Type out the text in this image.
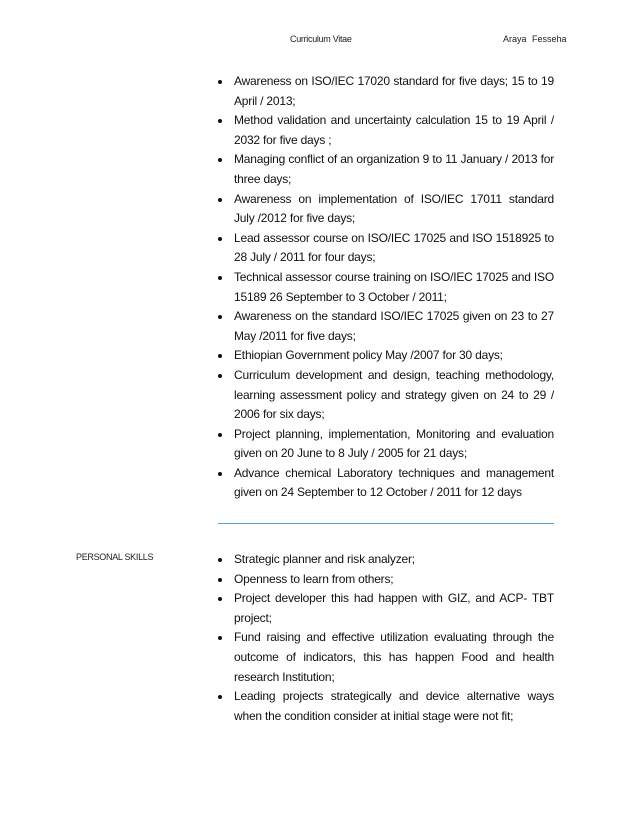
Curriculum Vitae	Araya Fesseha
Awareness on ISO/IEC 17020 standard for five days; 15 to 19 April / 2013;
Method validation and uncertainty calculation 15 to 19 April / 2032 for five days ;
Managing conflict of an organization 9 to 11 January / 2013 for three days;
Awareness on implementation of ISO/IEC 17011 standard July /2012 for five days;
Lead assessor course on ISO/IEC 17025 and ISO 1518925 to 28 July / 2011 for four days;
Technical assessor course training on ISO/IEC 17025 and ISO 15189 26 September to 3 October / 2011;
Awareness on the standard ISO/IEC 17025 given on 23 to 27 May /2011 for five days;
Ethiopian Government policy May /2007 for 30 days;
Curriculum development and design, teaching methodology, learning assessment policy and strategy given on 24 to 29 / 2006 for six days;
Project planning, implementation, Monitoring and evaluation given on 20 June to 8 July / 2005 for 21 days;
Advance chemical Laboratory techniques and management given on 24 September to 12 October / 2011 for 12 days
PERSONAL SKILLS	Strategic planner and risk analyzer;
Openness to learn from others;
Project developer this had happen with GIZ, and ACP- TBT project;
Fund raising and effective utilization evaluating through the outcome of indicators, this has happen Food and health research Institution;
Leading projects strategically and device alternative ways when the condition consider at initial stage were not fit;
